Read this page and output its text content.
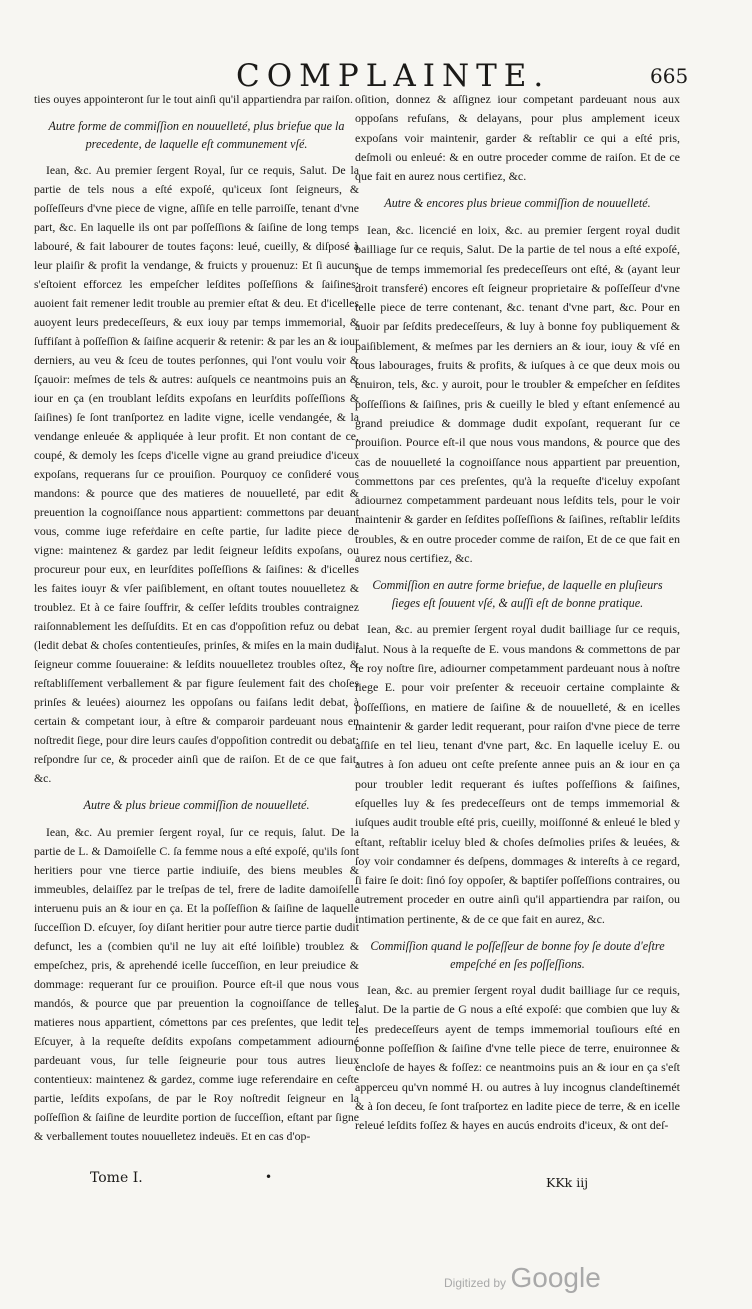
COMPLAINTE.	665

ties ouyes appointeront ſur le tout ainſi qu'il appartiendra par raiſon.

Autre forme de commiſſion en nouuelleté, plus briefue que la precedente, de laquelle eſt communement vſé.

Iean, &c. Au premier ſergent Royal, ſur ce requis, Salut. De la partie de tels nous a eſté expoſé, qu'iceux ſont ſeigneurs, & poſſeſſeurs d'vne piece de vigne, aſſiſe en telle parroiſſe, tenant d'vne part, &c. En laquelle ils ont par poſſeſſions & ſaiſine de long temps labouré, & fait labourer de toutes façons: leué, cueilly, & diſposé à leur plaiſir & profit la vendange, & fruicts y prouenuz: Et ſi aucuns s'eſtoient efforcez les empeſcher leſdites poſſeſſions & ſaiſines: auoient fait remener ledit trouble au premier eſtat & deu. Et d'icelles auoyent leurs predeceſſeurs, & eux iouy par temps immemorial, & ſuffiſant à poſſeſſion & ſaiſine acquerir & retenir: & par les an & iour derniers, au veu & ſceu de toutes perſonnes, qui l'ont voulu voir & ſçauoir: meſmes de tels & autres: auſquels ce neantmoins puis an & iour en ça (en troublant leſdits expoſans en leurſdits poſſeſſions & ſaiſines) ſe ſont tranſportez en ladite vigne, icelle vendangée, & la vendange enleuée & appliquée à leur profit. Et non contant de ce, coupé, & demoly les ſceps d'icelle vigne au grand preiudice d'iceux expoſans, requerans ſur ce prouiſion. Pourquoy ce conſideré vous mandons: & pource que des matieres de nouuelleté, par edit & preuention la cognoiſſance nous appartient: commettons par deuant vous, comme iuge refeṙdaire en ceſte partie, ſur ladite piece de vigne: maintenez & gardez par ledit ſeigneur leſdits expoſans, ou procureur pour eux, en leurſdites poſſeſſions & ſaiſines: & d'icelles les faites iouyr & vſer paiſiblement, en oſtant toutes nouuelletez & troublez. Et à ce faire ſouffrir, & ceſſer leſdits troubles contraignez raiſonnablement les deſſuſdits. Et en cas d'oppoſition refuz ou debat (ledit debat & choſes contentieuſes, prinſes, & miſes en la main dudit ſeigneur comme ſouueraine: & leſdits nouuelletez troubles oſtez, & reſtabliſſement verballement & par figure ſeulement fait des choſes prinſes & leuées) aiournez les oppoſans ou faiſans ledit debat, à certain & competant iour, à eſtre & comparoir pardeuant nous en noſtredit ſiege, pour dire leurs cauſes d'oppoſition contredit ou debat: reſpondre ſur ce, & proceder ainſi que de raiſon. Et de ce que fait, &c.

Autre & plus brieue commiſſion de nouuelleté.

Iean, &c. Au premier ſergent royal, ſur ce requis, ſalut. De la partie de L. & Damoiſelle C. ſa femme nous a eſté expoſé, qu'ils ſont heritiers pour vne tierce partie indiuiſe, des biens meubles & immeubles, delaiſſez par le treſpas de tel, frere de ladite damoiſelle interuenu puis an & iour en ça. Et la poſſeſſion & ſaiſine de laquelle ſucceſſion D. eſcuyer, ſoy diſant heritier pour autre tierce partie dudit defunct, les a (combien qu'il ne luy ait eſté loiſible) troublez & empeſchez, pris, & aprehendé icelle ſucceſſion, en leur preiudice & dommage: requerant ſur ce prouiſion. Pource eſt-il que nous vous mandós, & pource que par preuention la cognoiſſance de telles matieres nous appartient, cómettons par ces preſentes, que ledit tel Eſcuyer, à la requeſte deſdits expoſans competamment adiourné pardeuant vous, ſur telle ſeigneurie pour tous autres lieux contentieux: maintenez & gardez, comme iuge referendaire en ceſte partie, leſdits expoſans, de par le Roy noſtredit ſeigneur en la poſſeſſion & ſaiſine de leurdite portion de ſucceſſion, eſtant par ſigne & verballement toutes nouuelletez indeuës. Et en cas d'op-

oſition, donnez & aſſignez iour competant pardeuant nous aux oppoſans refuſans, & delayans, pour plus amplement iceux expoſans voir maintenir, garder & reſtablir ce qui a eſté pris, deſmoli ou enleué: & en outre proceder comme de raiſon. Et de ce que fait en aurez nous certifiez, &c.

Autre & encores plus brieue commiſſion de nouuelleté.

Iean, &c. licencié en loix, &c. au premier ſergent royal dudit bailliage ſur ce requis, Salut. De la partie de tel nous a eſté expoſé, que de temps immemorial ſes predeceſſeurs ont eſté, & (ayant leur droit transferé) encores eſt ſeigneur proprietaire & poſſeſſeur d'vne telle piece de terre contenant, &c. tenant d'vne part, &c. Pour en auoir par ſeſdits predeceſſeurs, & luy à bonne foy publiquement & paiſiblement, & meſmes par les derniers an & iour, iouy & vſé en tous labourages, fruits & profits, & iuſques à ce que deux mois ou enuiron, tels, &c. y auroit, pour le troubler & empeſcher en ſeſdites poſſeſſions & ſaiſines, pris & cueilly le bled y eſtant enſemencé au grand preiudice & dommage dudit expoſant, requerant ſur ce prouiſion. Pource eſt-il que nous vous mandons, & pource que des cas de nouuelleté la cognoiſſance nous appartient par preuention, commettons par ces preſentes, qu'à la requeſte d'iceluy expoſant adiournez competamment pardeuant nous leſdits tels, pour le voir maintenir & garder en ſeſdites poſſeſſions & ſaiſines, reſtablir leſdits troubles, & en outre proceder comme de raiſon, Et de ce que fait en aurez nous certifiez, &c.

Commiſſion en autre forme briefue, de laquelle en pluſieurs ſieges eſt ſouuent vſé, & auſſi eſt de bonne pratique.

Iean, &c. au premier ſergent royal dudit bailliage ſur ce requis, ſalut. Nous à la requeſte de E. vous mandons & commettons de par le roy noſtre ſire, adiourner competamment pardeuant nous à noſtre ſiege E. pour voir preſenter & receuoir certaine complainte & poſſeſſions, en matiere de ſaiſine & de nouuelleté, & en icelles maintenir & garder ledit requerant, pour raiſon d'vne piece de terre aſſiſe en tel lieu, tenant d'vne part, &c. En laquelle iceluy E. ou autres à ſon adueu ont ceſte preſente annee puis an & iour en ça pour troubler ledit requerant és iuſtes poſſeſſions & ſaiſines, eſquelles luy & ſes predeceſſeurs ont de temps immemorial & iuſques audit trouble eſté pris, cueilly, moiſſonné & enleué le bled y eſtant, reſtablir iceluy bled & choſes deſmolies priſes & leuées, & ſoy voir condamner és deſpens, dommages & intereſts à ce regard, ſi faire ſe doit: ſinó ſoy oppoſer, & baptiſer poſſeſſions contraires, ou autrement proceder en outre ainſi qu'il appartiendra par raiſon, ou intimation pertinente, & de ce que fait en aurez, &c.

Commiſſion quand le poſſeſſeur de bonne foy ſe doute d'eſtre empeſché en ſes poſſeſſions.

Iean, &c. au premier ſergent royal dudit bailliage ſur ce requis, ſalut. De la partie de G nous a eſté expoſé: que combien que luy & ſes predeceſſeurs ayent de temps immemorial touſiours eſté en bonne poſſeſſion & ſaiſine d'vne telle piece de terre, enuironnee & encloſe de hayes & foſſez: ce neantmoins puis an & iour en ça s'eſt apperceu qu'vn nommé H. ou autres à luy incognus clandeſtinemét & à ſon deceu, ſe ſont traſportez en ladite piece de terre, & en icelle releué leſdits foſſez & hayes en aucús endroits d'iceux, & ont deſ-

Tome I.	•	KKk iij
Digitized by Google
